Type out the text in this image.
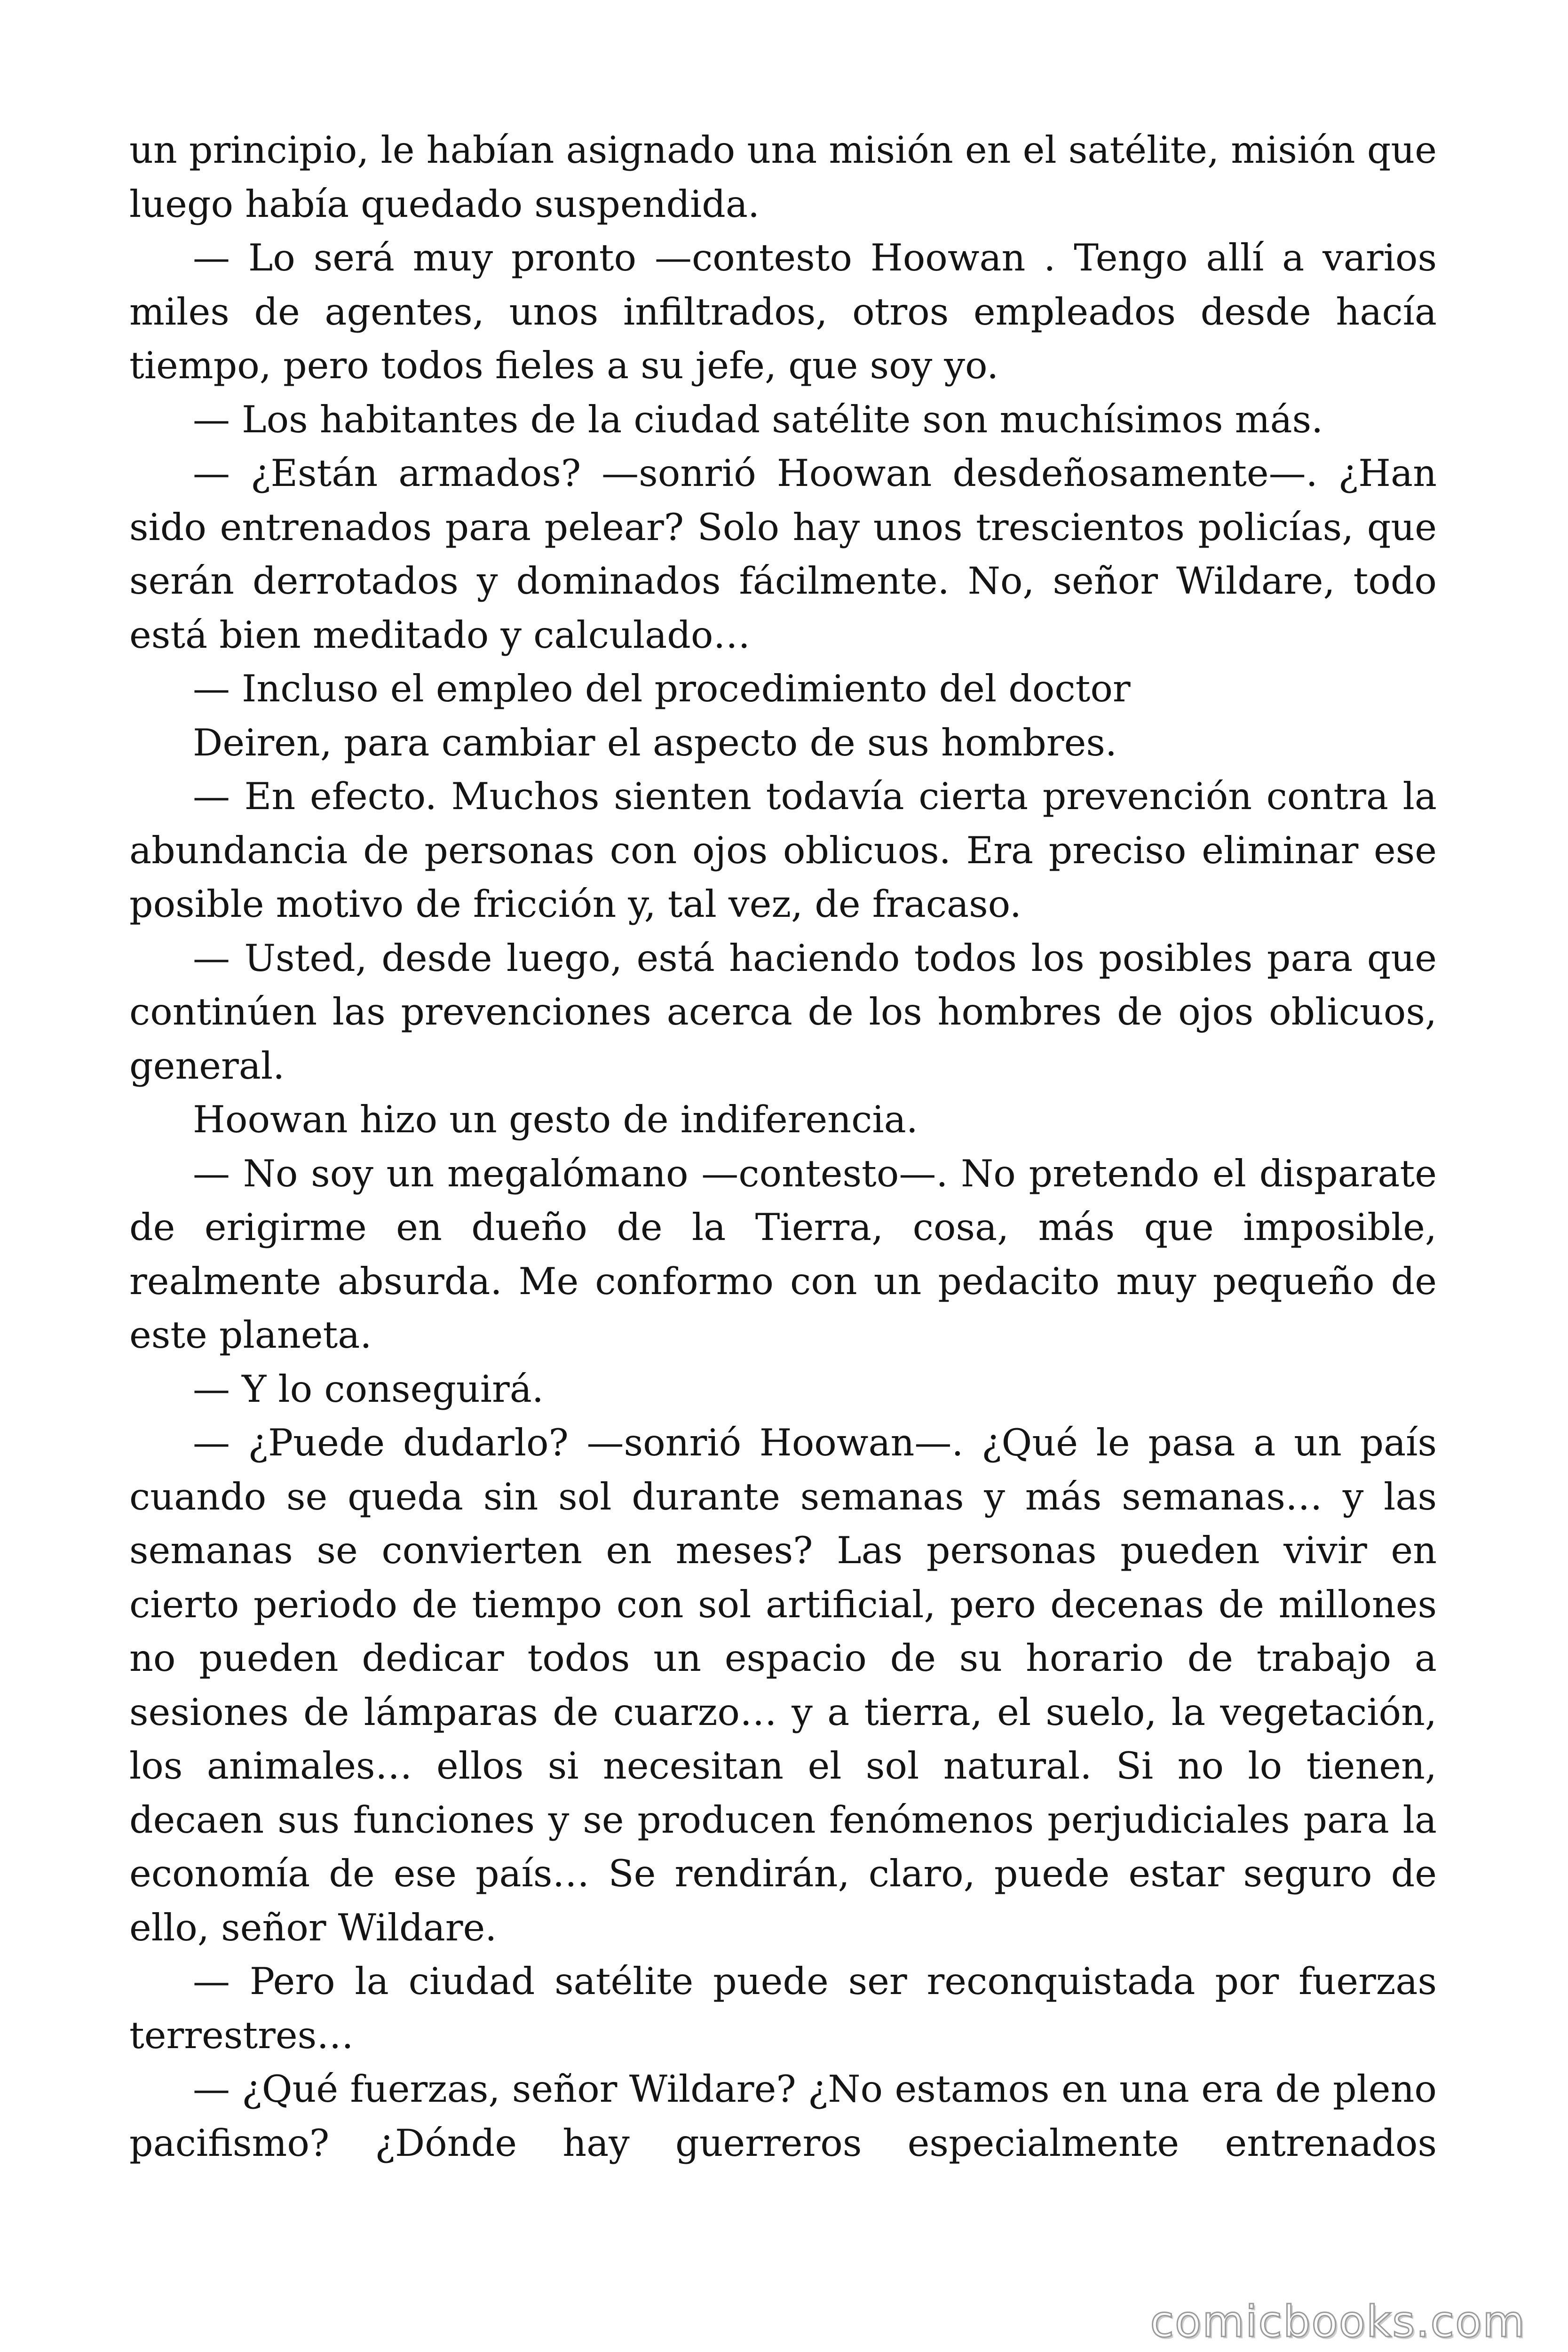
un principio, le habían asignado una misión en el satélite, misión que luego había quedado suspendida.

— Lo será muy pronto —contesto Hoowan . Tengo allí a varios miles de agentes, unos infiltrados, otros empleados desde hacía tiempo, pero todos fieles a su jefe, que soy yo.

— Los habitantes de la ciudad satélite son muchísimos más.

— ¿Están armados? —sonrió Hoowan desdeñosamente—. ¿Han sido entrenados para pelear? Solo hay unos trescientos policías, que serán derrotados y dominados fácilmente. No, señor Wildare, todo está bien meditado y calculado…

— Incluso el empleo del procedimiento del doctor

Deiren, para cambiar el aspecto de sus hombres.

— En efecto. Muchos sienten todavía cierta prevención contra la abundancia de personas con ojos oblicuos. Era preciso eliminar ese posible motivo de fricción y, tal vez, de fracaso.

— Usted, desde luego, está haciendo todos los posibles para que continúen las prevenciones acerca de los hombres de ojos oblicuos, general.

Hoowan hizo un gesto de indiferencia.

— No soy un megalómano —contesto—. No pretendo el disparate de erigirme en dueño de la Tierra, cosa, más que imposible, realmente absurda. Me conformo con un pedacito muy pequeño de este planeta.

— Y lo conseguirá.

— ¿Puede dudarlo? —sonrió Hoowan—. ¿Qué le pasa a un país cuando se queda sin sol durante semanas y más semanas… y las semanas se convierten en meses? Las personas pueden vivir en cierto periodo de tiempo con sol artificial, pero decenas de millones no pueden dedicar todos un espacio de su horario de trabajo a sesiones de lámparas de cuarzo… y a tierra, el suelo, la vegetación, los animales… ellos si necesitan el sol natural. Si no lo tienen, decaen sus funciones y se producen fenómenos perjudiciales para la economía de ese país… Se rendirán, claro, puede estar seguro de ello, señor Wildare.

— Pero la ciudad satélite puede ser reconquistada por fuerzas terrestres…

— ¿Qué fuerzas, señor Wildare? ¿No estamos en una era de pleno pacifismo? ¿Dónde hay guerreros especialmente entrenados

comicbooks.com
